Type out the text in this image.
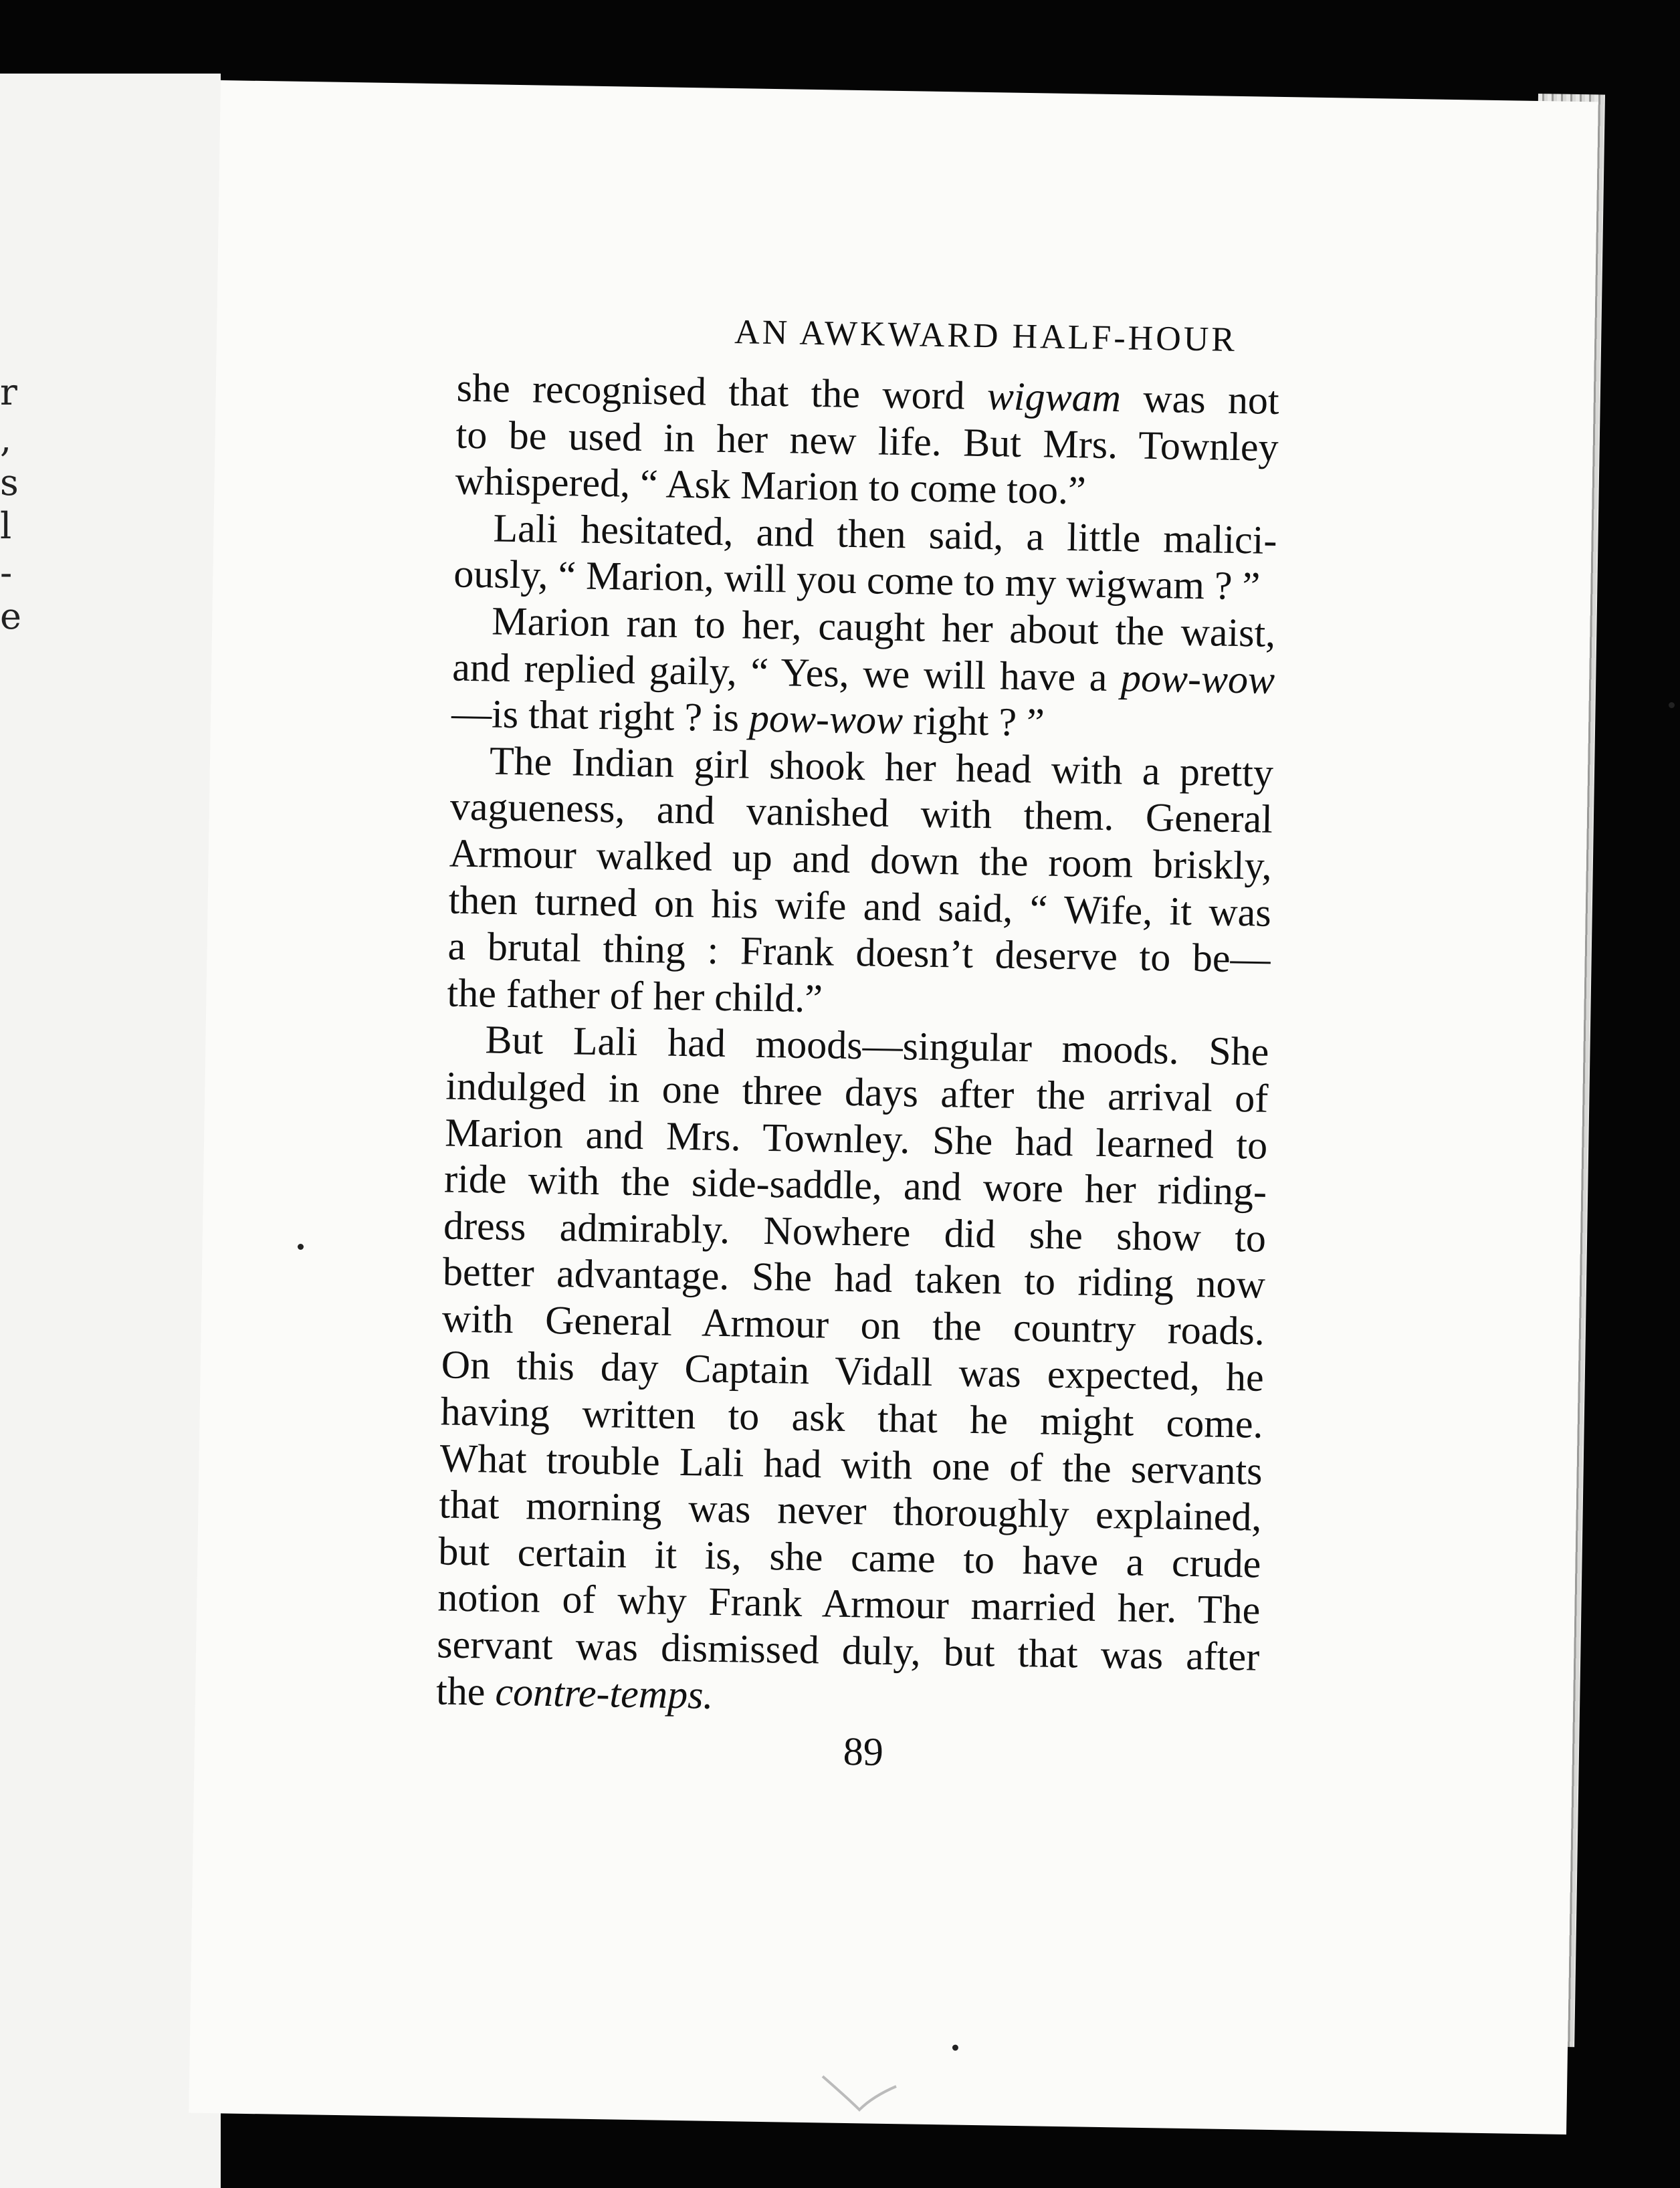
r
,
s
l
-
e
AN AWKWARD HALF-HOUR
she recognised that the word wigwam was not
to be used in her new life. But Mrs. Townley
whispered, “ Ask Marion to come too.”
Lali hesitated, and then said, a little malici-
ously, “ Marion, will you come to my wigwam ? ”
Marion ran to her, caught her about the waist,
and replied gaily, “ Yes, we will have a pow-wow
—is that right ? is pow-wow right ? ”
The Indian girl shook her head with a pretty
vagueness, and vanished with them. General
Armour walked up and down the room briskly,
then turned on his wife and said, “ Wife, it was
a brutal thing : Frank doesn’t deserve to be—
the father of her child.”
But Lali had moods—singular moods. She
indulged in one three days after the arrival of
Marion and Mrs. Townley. She had learned to
ride with the side-saddle, and wore her riding-
dress admirably. Nowhere did she show to
better advantage. She had taken to riding now
with General Armour on the country roads.
On this day Captain Vidall was expected, he
having written to ask that he might come.
What trouble Lali had with one of the servants
that morning was never thoroughly explained,
but certain it is, she came to have a crude
notion of why Frank Armour married her. The
servant was dismissed duly, but that was after
the contre-temps.
89
